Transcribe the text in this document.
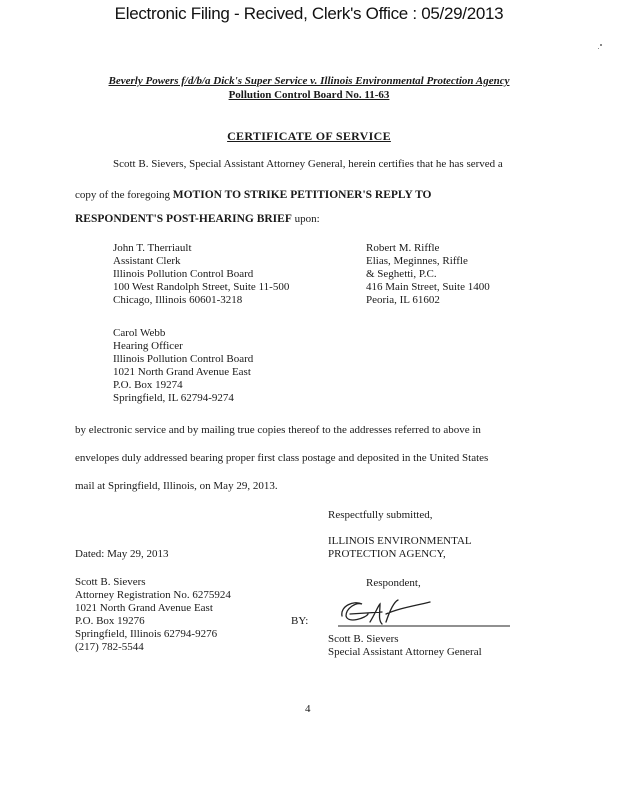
Electronic Filing - Recived, Clerk's Office : 05/29/2013
Beverly Powers f/d/b/a Dick's Super Service v. Illinois Environmental Protection Agency
Pollution Control Board No. 11-63
CERTIFICATE OF SERVICE
Scott B. Sievers, Special Assistant Attorney General, herein certifies that he has served a
copy of the foregoing MOTION TO STRIKE PETITIONER'S REPLY TO
RESPONDENT'S POST-HEARING BRIEF upon:
John T. Therriault
Assistant Clerk
Illinois Pollution Control Board
100 West Randolph Street, Suite 11-500
Chicago, Illinois 60601-3218
Robert M. Riffle
Elias, Meginnes, Riffle
& Seghetti, P.C.
416 Main Street, Suite 1400
Peoria, IL 61602
Carol Webb
Hearing Officer
Illinois Pollution Control Board
1021 North Grand Avenue East
P.O. Box 19274
Springfield, IL 62794-9274
by electronic service and by mailing true copies thereof to the addresses referred to above in
envelopes duly addressed bearing proper first class postage and deposited in the United States
mail at Springfield, Illinois, on May 29, 2013.
Respectfully submitted,
ILLINOIS ENVIRONMENTAL
PROTECTION AGENCY,
Respondent,
Dated: May 29, 2013
Scott B. Sievers
Attorney Registration No. 6275924
1021 North Grand Avenue East
P.O. Box 19276
Springfield, Illinois 62794-9276
(217) 782-5544
BY:
Scott B. Sievers
Special Assistant Attorney General
4
